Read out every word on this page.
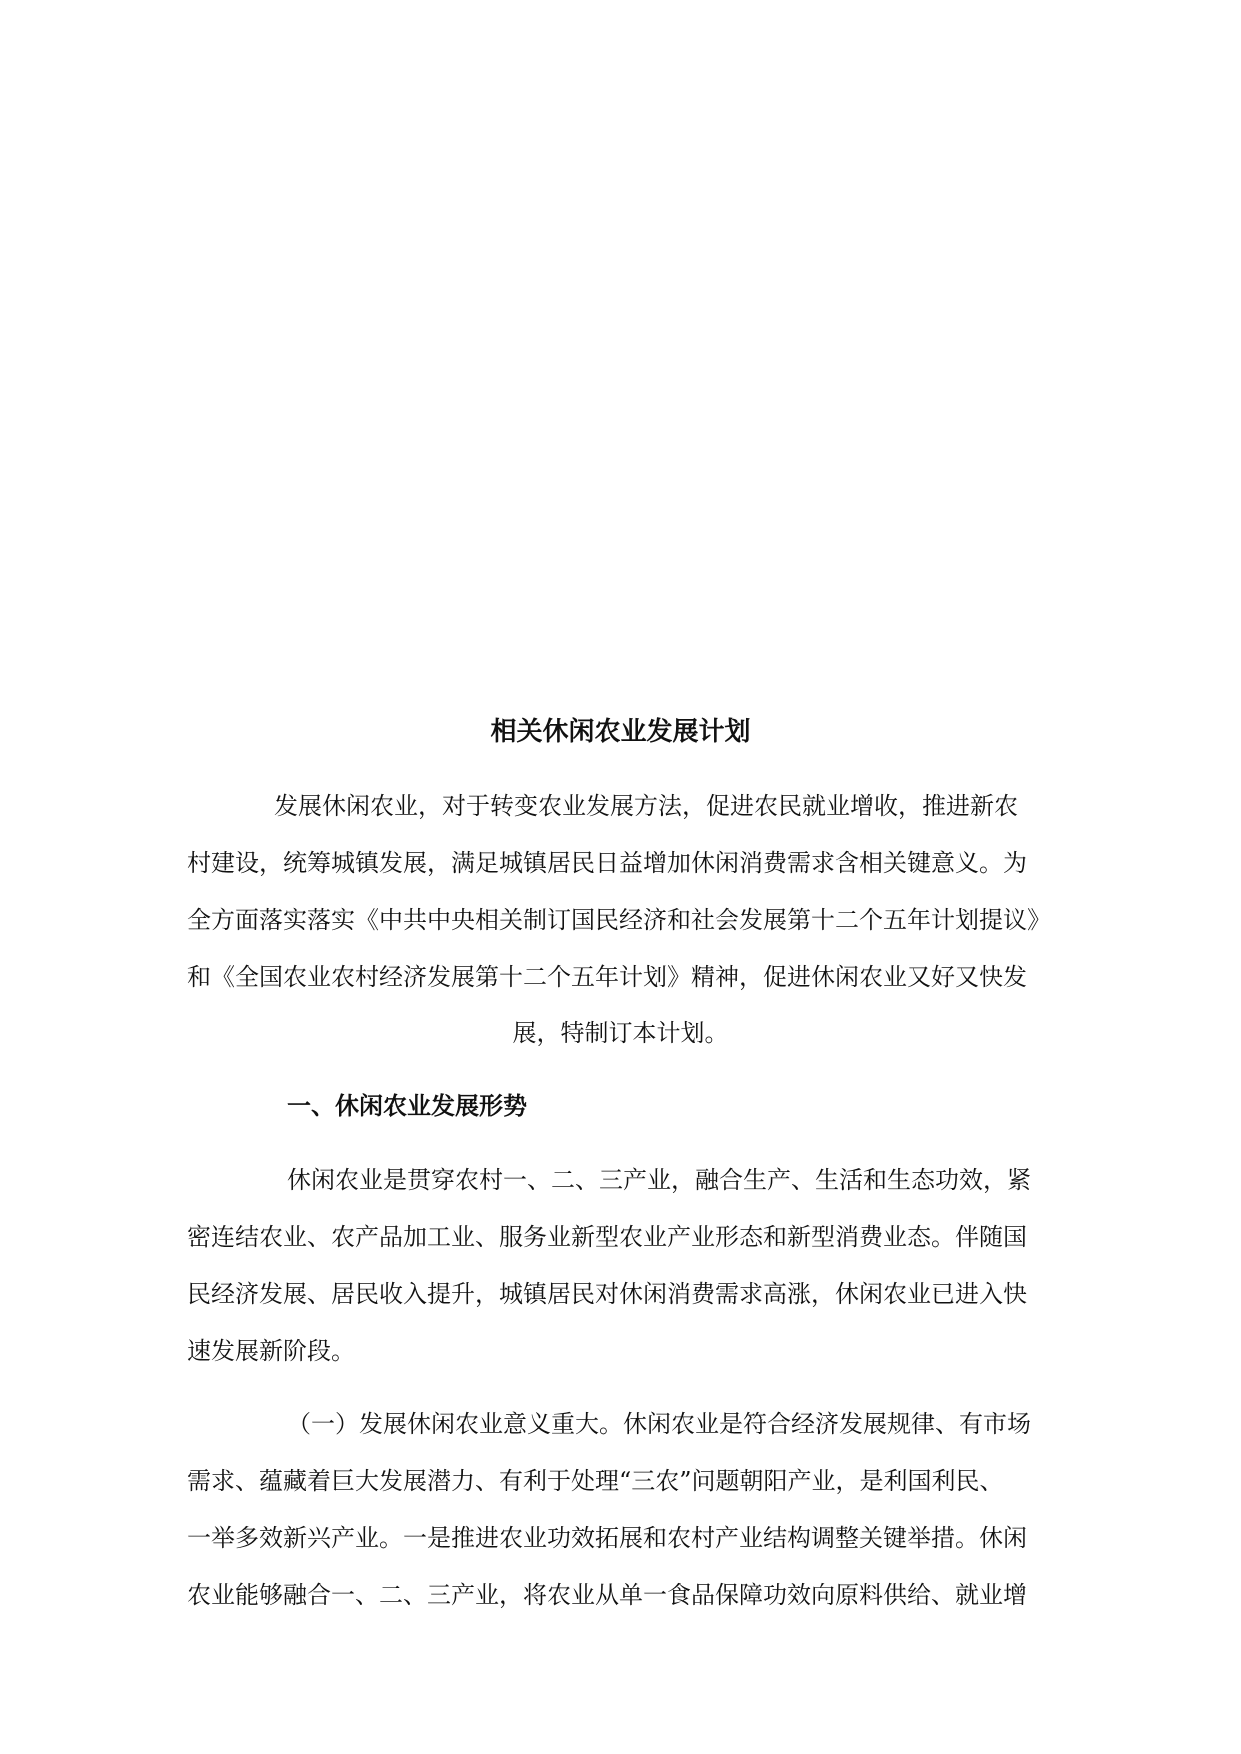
相关休闲农业发展计划

发展休闲农业，对于转变农业发展方法，促进农民就业增收，推进新农

村建设，统筹城镇发展，满足城镇居民日益增加休闲消费需求含相关键意义。为

全方面落实落实《中共中央相关制订国民经济和社会发展第十二个五年计划提议》

和《全国农业农村经济发展第十二个五年计划》精神，促进休闲农业又好又快发

展，特制订本计划。

一、休闲农业发展形势

休闲农业是贯穿农村一、二、三产业，融合生产、生活和生态功效，紧

密连结农业、农产品加工业、服务业新型农业产业形态和新型消费业态。伴随国

民经济发展、居民收入提升，城镇居民对休闲消费需求高涨，休闲农业已进入快

速发展新阶段。

（一）发展休闲农业意义重大。休闲农业是符合经济发展规律、有市场

需求、蕴藏着巨大发展潜力、有利于处理“三农”问题朝阳产业，是利国利民、

一举多效新兴产业。一是推进农业功效拓展和农村产业结构调整关键举措。休闲

农业能够融合一、二、三产业，将农业从单一食品保障功效向原料供给、就业增
